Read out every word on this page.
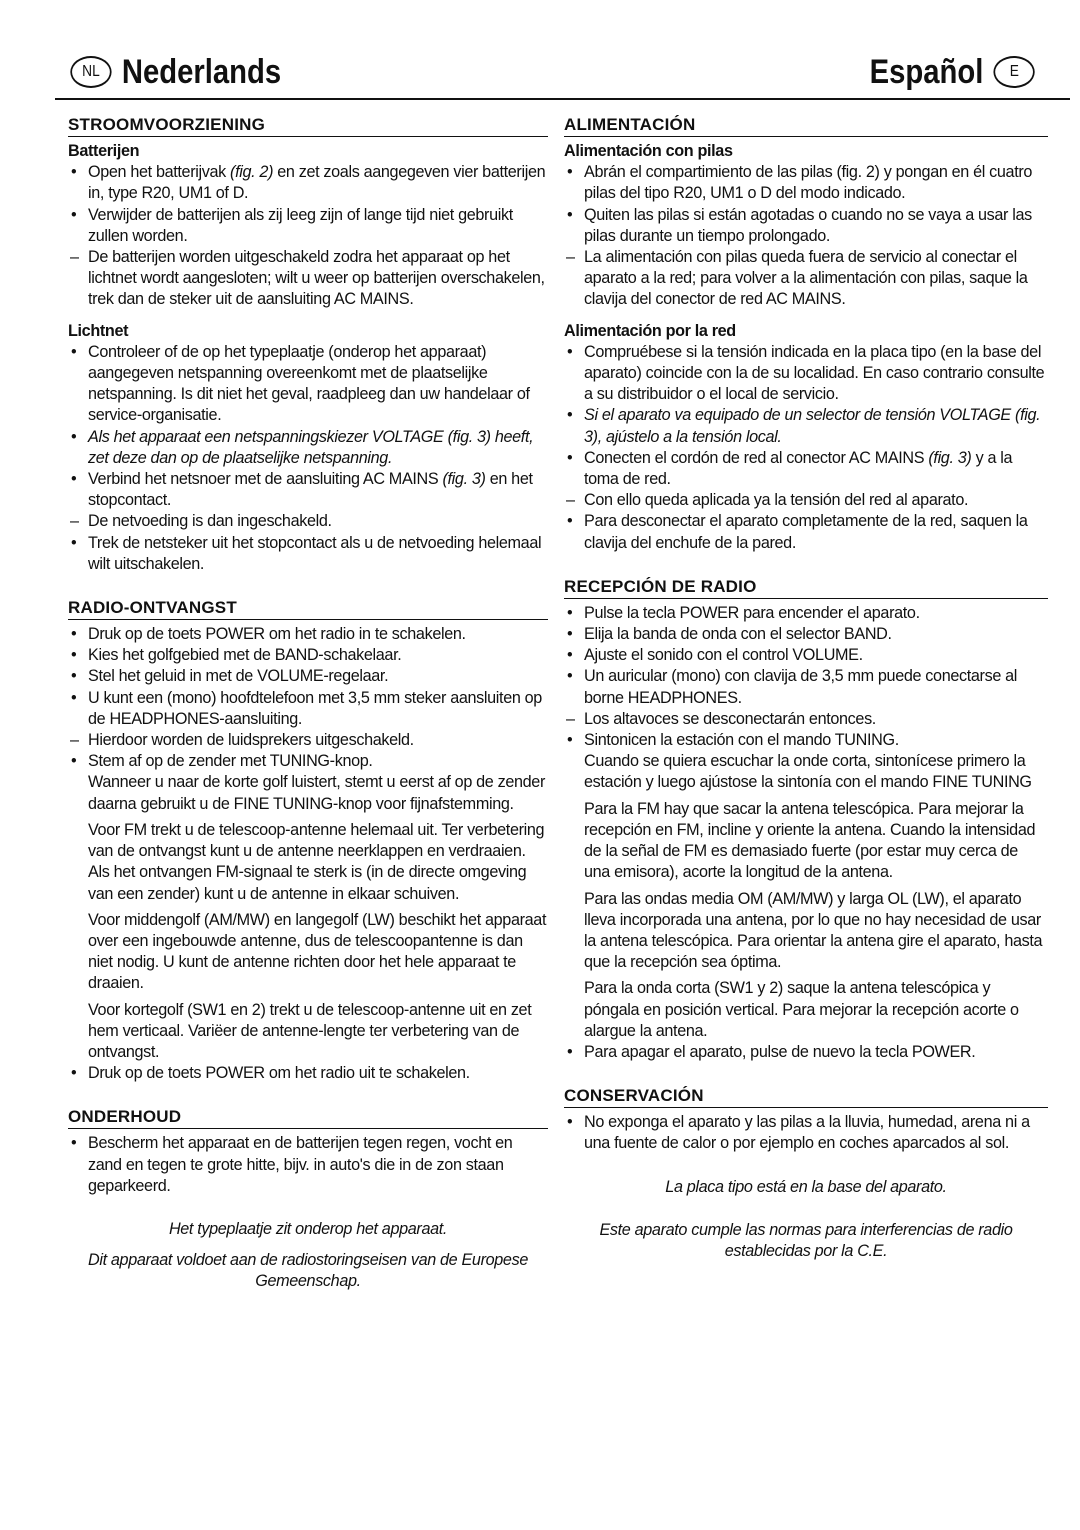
NL Nederlands	Español	E
STROOMVOORZIENING

Batterijen

• Open het batterijvak (fig. 2) en zet zoals aangegeven vier batterijen in, type R20, UM1 of D.
• Verwijder de batterijen als zij leeg zijn of lange tijd niet gebruikt zullen worden.
– De batterijen worden uitgeschakeld zodra het apparaat op het lichtnet wordt aangesloten; wilt u weer op batterijen overschakelen, trek dan de steker uit de aansluiting AC MAINS.

Lichtnet

• Controleer of de op het typeplaatje (onderop het apparaat) aangegeven netspanning overeenkomt met de plaatselijke netspanning. Is dit niet het geval, raadpleeg dan uw handelaar of service-organisatie.
• Als het apparaat een netspanningskiezer VOLTAGE (fig. 3) heeft, zet deze dan op de plaatselijke netspanning.
• Verbind het netsnoer met de aansluiting AC MAINS (fig. 3) en het stopcontact.
– De netvoeding is dan ingeschakeld.
• Trek de netsteker uit het stopcontact als u de netvoeding helemaal wilt uitschakelen.
RADIO-ONTVANGST
• Druk op de toets POWER om het radio in te schakelen.
• Kies het golfgebied met de BAND-schakelaar.
• Stel het geluid in met de VOLUME-regelaar.
• U kunt een (mono) hoofdtelefoon met 3,5 mm steker aansluiten op de HEADPHONES-aansluiting.
– Hierdoor worden de luidsprekers uitgeschakeld.
• Stem af op de zender met TUNING-knop.

Wanneer u naar de korte golf luistert, stemt u eerst af op de zender daarna gebruikt u de FINE TUNING-knop voor fijnafstemming.

Voor FM trekt u de telescoop-antenne helemaal uit. Ter verbetering van de ontvangst kunt u de antenne neerklappen en verdraaien. Als het ontvangen FM-signaal te sterk is (in de directe omgeving van een zender) kunt u de antenne in elkaar schuiven.

Voor middengolf (AM/MW) en langegolf (LW) beschikt het apparaat over een ingebouwde antenne, dus de telescoopantenne is dan niet nodig. U kunt de antenne richten door het hele apparaat te draaien.

Voor kortegolf (SW1 en 2) trekt u de telescoop-antenne uit en zet hem verticaal. Variëer de antenne-lengte ter verbetering van de ontvangst.

• Druk op de toets POWER om het radio uit te schakelen.
ONDERHOUD
• Bescherm het apparaat en de batterijen tegen regen, vocht en zand en tegen te grote hitte, bijv. in auto's die in de zon staan geparkeerd.

Het typeplaatje zit onderop het apparaat.

Dit apparaat voldoet aan de radiostoringseisen van de Europese Gemeenschap.

ALIMENTACIÓN

Alimentación con pilas

• Abrán el compartimiento de las pilas (fig. 2) y pongan en él cuatro pilas del tipo R20, UM1 o D del modo indicado.
• Quiten las pilas si están agotadas o cuando no se vaya a usar las pilas durante un tiempo prolongado.
– La alimentación con pilas queda fuera de servicio al conectar el aparato a la red; para volver a la alimentación con pilas, saque la clavija del conector de red AC MAINS.

Alimentación por la red

• Compruébese si la tensión indicada en la placa tipo (en la base del aparato) coincide con la de su localidad. En caso contrario consulte a su distribuidor o el local de servicio.
• Si el aparato va equipado de un selector de tensión VOLTAGE (fig. 3), ajústelo a la tensión local.
• Conecten el cordón de red al conector AC MAINS (fig. 3) y a la toma de red.
– Con ello queda aplicada ya la tensión del red al aparato.
• Para desconectar el aparato completamente de la red, saquen la clavija del enchufe de la pared.
RECEPCIÓN DE RADIO
• Pulse la tecla POWER para encender el aparato.
• Elija la banda de onda con el selector BAND.
• Ajuste el sonido con el control VOLUME.
• Un auricular (mono) con clavija de 3,5 mm puede conectarse al borne HEADPHONES.
– Los altavoces se desconectarán entonces.
• Sintonicen la estación con el mando TUNING.

Cuando se quiera escuchar la onde corta, sintonícese primero la estación y luego ajústose la sintonía con el mando FINE TUNING

Para la FM hay que sacar la antena telescópica. Para mejorar la recepción en FM, incline y oriente la antena. Cuando la intensidad de la señal de FM es demasiado fuerte (por estar muy cerca de una emisora), acorte la longitud de la antena.

Para las ondas media OM (AM/MW) y larga OL (LW), el aparato lleva incorporada una antena, por lo que no hay necesidad de usar la antena telescópica. Para orientar la antena gire el aparato, hasta que la recepción sea óptima.

Para la onda corta (SW1 y 2) saque la antena telescópica y póngala en posición vertical. Para mejorar la recepción acorte o alargue la antena.

• Para apagar el aparato, pulse de nuevo la tecla POWER.
CONSERVACIÓN
• No exponga el aparato y las pilas a la lluvia, humedad, arena ni a una fuente de calor o por ejemplo en coches aparcados al sol.

La placa tipo está en la base del aparato.

Este aparato cumple las normas para interferencias de radio establecidas por la C.E.
